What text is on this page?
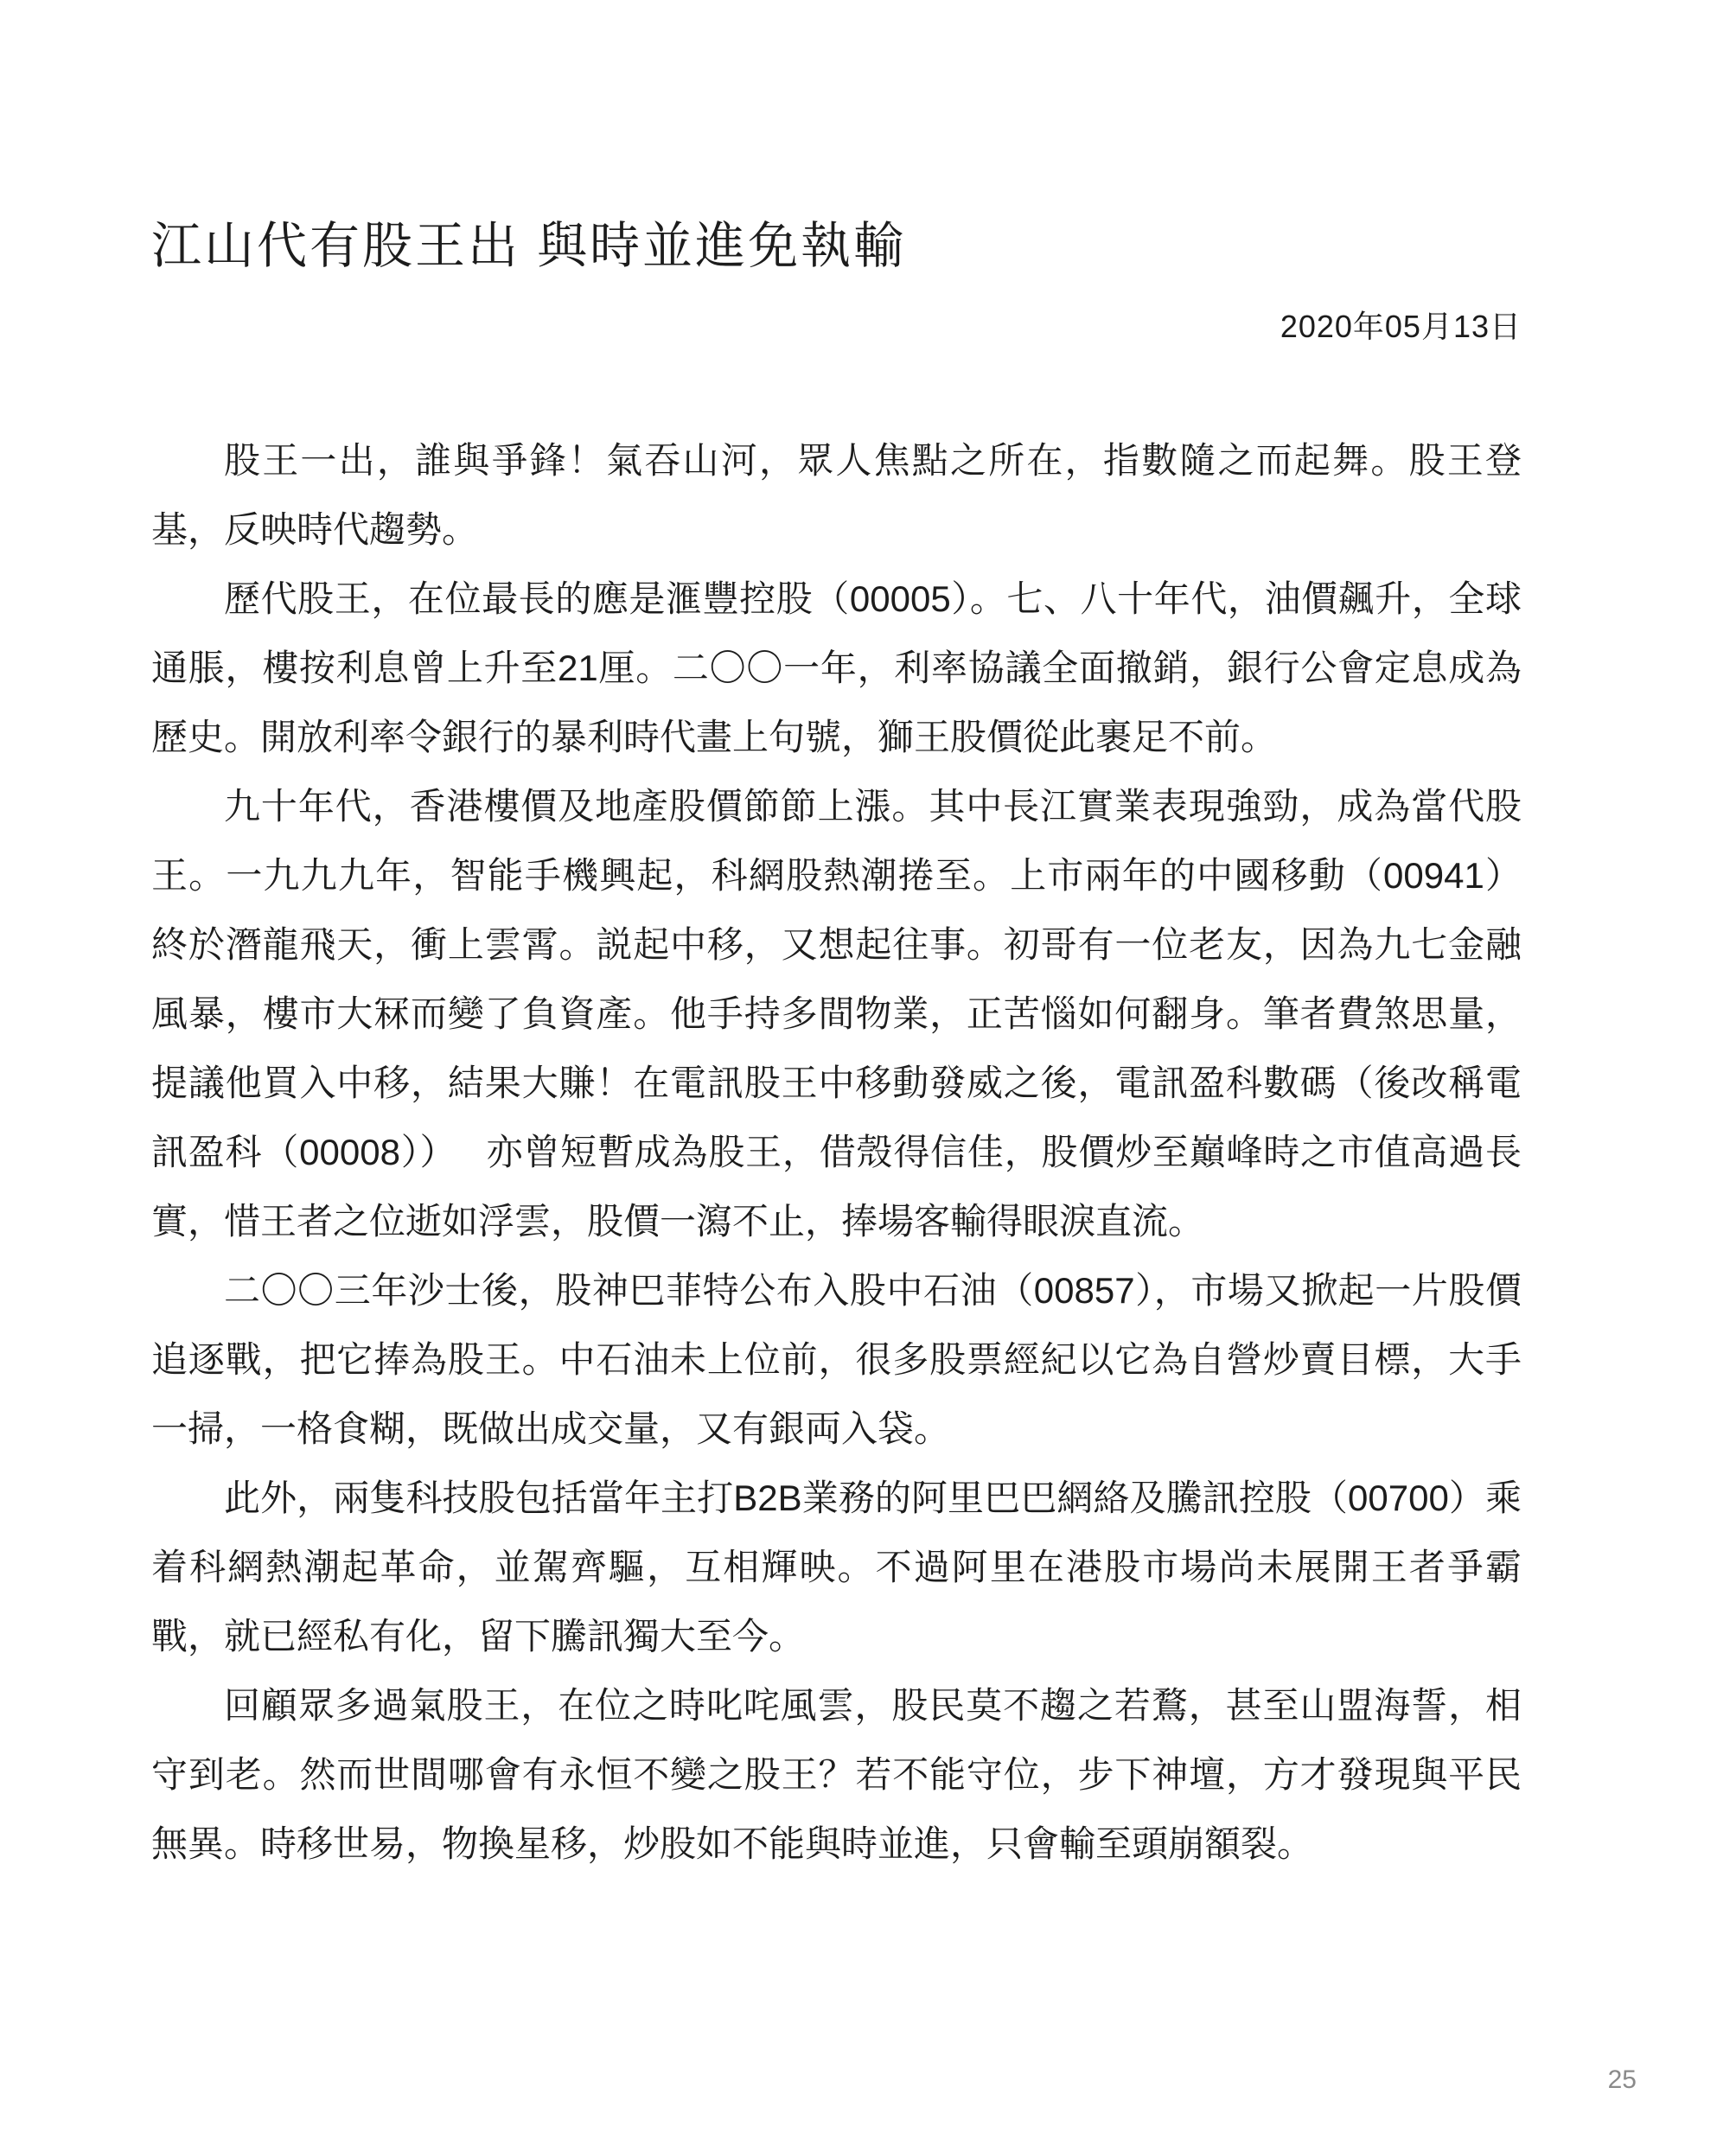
江山代有股王出 與時並進免執輸
2020年05月13日

股王一出，誰與爭鋒！氣吞山河，眾人焦點之所在，指數隨之而起舞。股王登基，反映時代趨勢。

歷代股王，在位最長的應是滙豐控股（00005）。七、八十年代，油價飆升，全球通脹，樓按利息曾上升至21厘。二〇〇一年，利率協議全面撤銷，銀行公會定息成為歷史。開放利率令銀行的暴利時代畫上句號，獅王股價從此裹足不前。

九十年代，香港樓價及地產股價節節上漲。其中長江實業表現強勁，成為當代股王。一九九九年，智能手機興起，科網股熱潮捲至。上市兩年的中國移動（00941）終於潛龍飛天，衝上雲霄。説起中移，又想起往事。初哥有一位老友，因為九七金融風暴，樓市大冧而變了負資產。他手持多間物業，正苦惱如何翻身。筆者費煞思量，提議他買入中移，結果大賺！在電訊股王中移動發威之後，電訊盈科數碼（後改稱電訊盈科（00008））　 亦曾短暫成為股王，借殼得信佳，股價炒至巔峰時之市值高過長實，惜王者之位逝如浮雲，股價一瀉不止，捧場客輸得眼淚直流。

二〇〇三年沙士後，股神巴菲特公布入股中石油（00857），市場又掀起一片股價追逐戰，把它捧為股王。中石油未上位前，很多股票經紀以它為自營炒賣目標，大手一掃，一格食糊，既做出成交量，又有銀両入袋。

此外，兩隻科技股包括當年主打B2B業務的阿里巴巴網絡及騰訊控股（00700）乘着科網熱潮起革命，並駕齊驅，互相輝映。不過阿里在港股市場尚未展開王者爭霸戰，就已經私有化，留下騰訊獨大至今。

回顧眾多過氣股王，在位之時叱咤風雲，股民莫不趨之若鶩，甚至山盟海誓，相守到老。然而世間哪會有永恒不變之股王？若不能守位，步下神壇，方才發現與平民無異。時移世易，物換星移，炒股如不能與時並進，只會輸至頭崩額裂。

25
